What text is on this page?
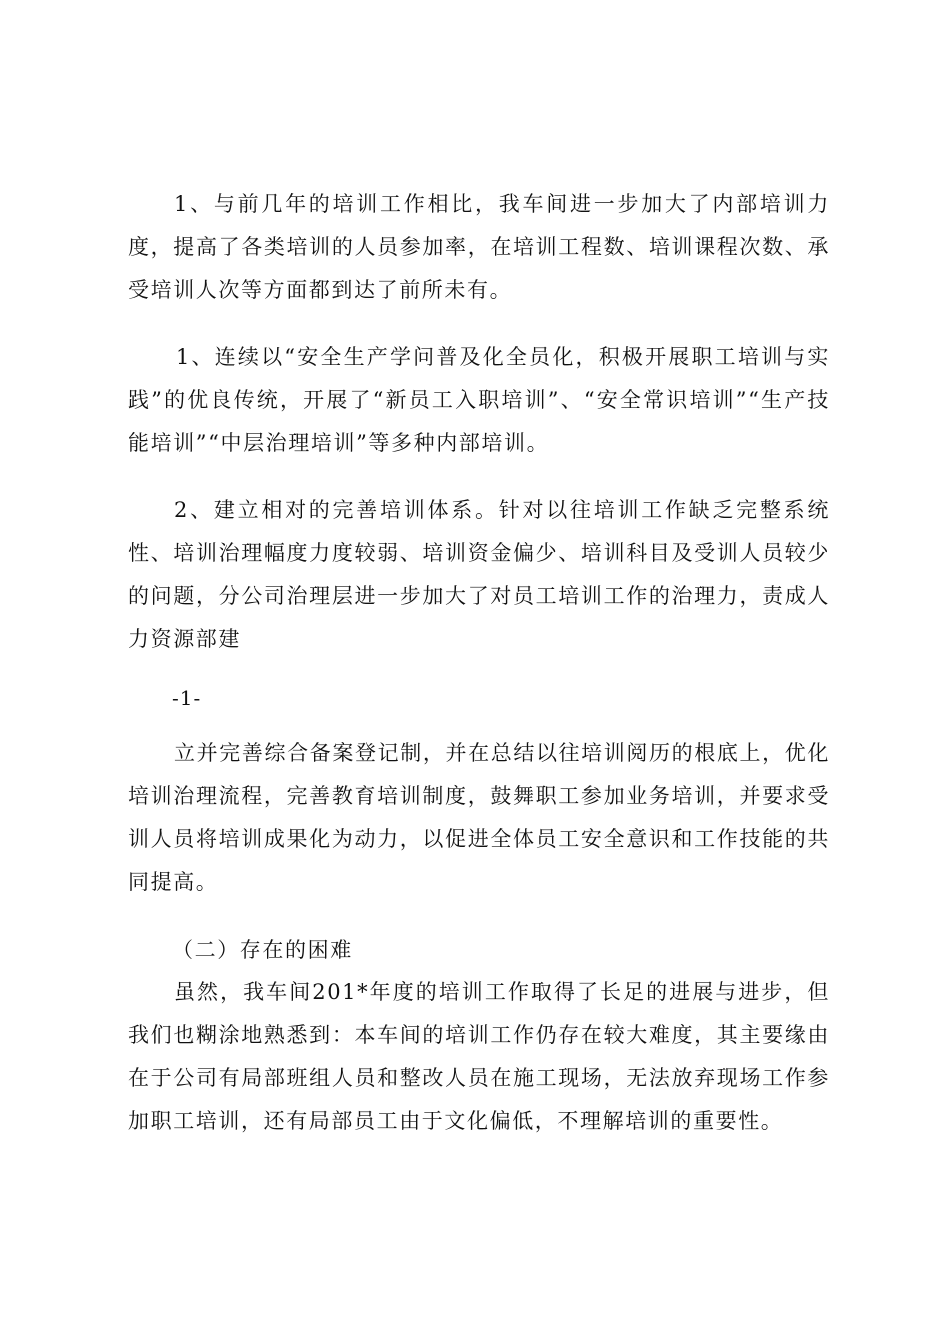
1、与前几年的培训工作相比，我车间进一步加大了内部培训力度，提高了各类培训的人员参加率，在培训工程数、培训课程次数、承受培训人次等方面都到达了前所未有。

1、连续以“安全生产学问普及化全员化，积极开展职工培训与实践”的优良传统，开展了“新员工入职培训”、“安全常识培训”“生产技能培训”“中层治理培训”等多种内部培训。

2、建立相对的完善培训体系。针对以往培训工作缺乏完整系统性、培训治理幅度力度较弱、培训资金偏少、培训科目及受训人员较少的问题，分公司治理层进一步加大了对员工培训工作的治理力，责成人力资源部建

-1-

立并完善综合备案登记制，并在总结以往培训阅历的根底上，优化培训治理流程，完善教育培训制度，鼓舞职工参加业务培训，并要求受训人员将培训成果化为动力，以促进全体员工安全意识和工作技能的共同提高。

（二）存在的困难

虽然，我车间201*年度的培训工作取得了长足的进展与进步，但我们也糊涂地熟悉到：本车间的培训工作仍存在较大难度，其主要缘由在于公司有局部班组人员和整改人员在施工现场，无法放弃现场工作参加职工培训，还有局部员工由于文化偏低，不理解培训的重要性。
